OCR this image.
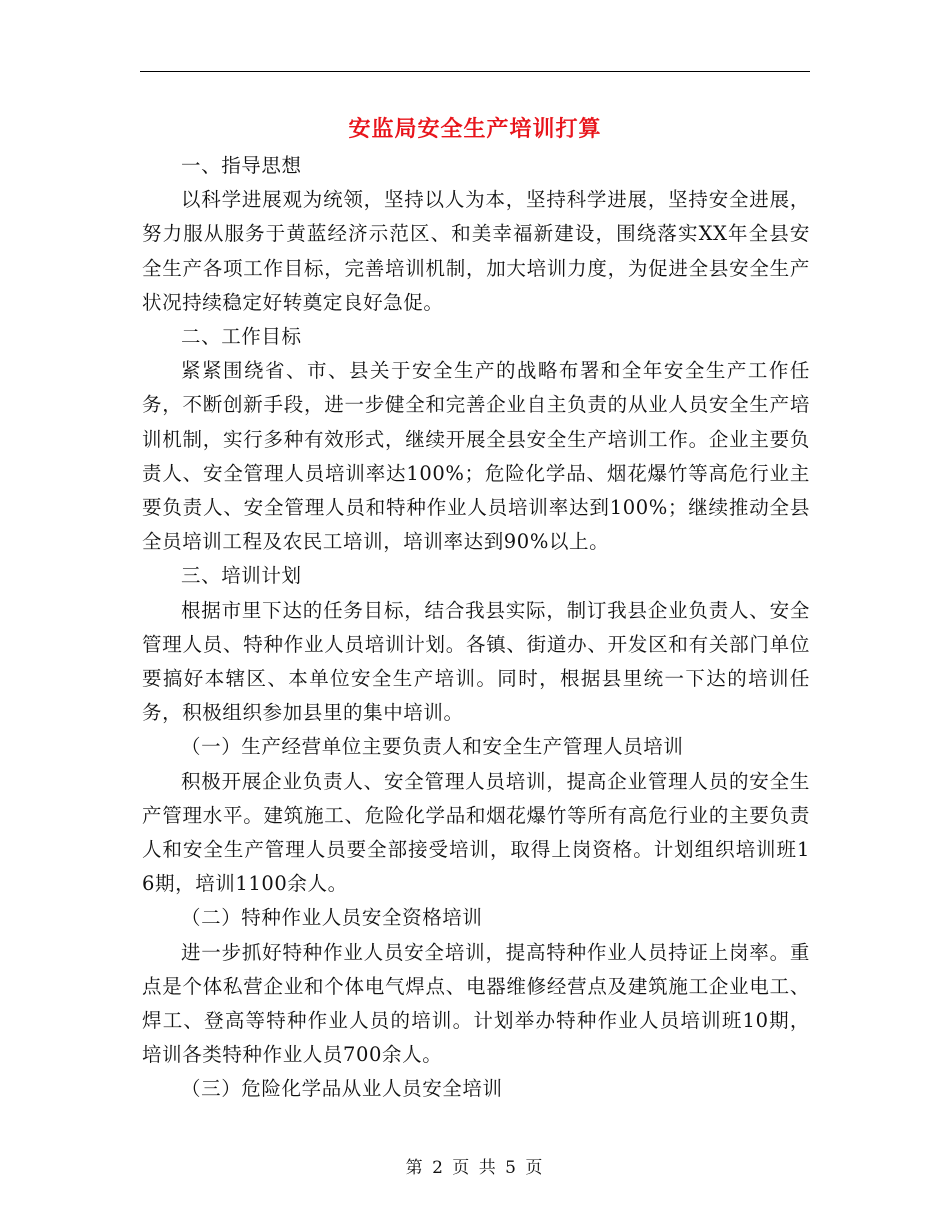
安监局安全生产培训打算

一、指导思想

以科学进展观为统领，坚持以人为本，坚持科学进展，坚持安全进展，努力服从服务于黄蓝经济示范区、和美幸福新建设，围绕落实XX年全县安全生产各项工作目标，完善培训机制，加大培训力度，为促进全县安全生产状况持续稳定好转奠定良好急促。

二、工作目标

紧紧围绕省、市、县关于安全生产的战略布署和全年安全生产工作任务，不断创新手段，进一步健全和完善企业自主负责的从业人员安全生产培训机制，实行多种有效形式，继续开展全县安全生产培训工作。企业主要负责人、安全管理人员培训率达100%；危险化学品、烟花爆竹等高危行业主要负责人、安全管理人员和特种作业人员培训率达到100%；继续推动全县全员培训工程及农民工培训，培训率达到90%以上。

三、培训计划

根据市里下达的任务目标，结合我县实际，制订我县企业负责人、安全管理人员、特种作业人员培训计划。各镇、街道办、开发区和有关部门单位要搞好本辖区、本单位安全生产培训。同时，根据县里统一下达的培训任务，积极组织参加县里的集中培训。

（一）生产经营单位主要负责人和安全生产管理人员培训

积极开展企业负责人、安全管理人员培训，提高企业管理人员的安全生产管理水平。建筑施工、危险化学品和烟花爆竹等所有高危行业的主要负责人和安全生产管理人员要全部接受培训，取得上岗资格。计划组织培训班16期，培训1100余人。

（二）特种作业人员安全资格培训

进一步抓好特种作业人员安全培训，提高特种作业人员持证上岗率。重点是个体私营企业和个体电气焊点、电器维修经营点及建筑施工企业电工、焊工、登高等特种作业人员的培训。计划举办特种作业人员培训班10期，培训各类特种作业人员700余人。

（三）危险化学品从业人员安全培训

第 2 页 共 5 页
